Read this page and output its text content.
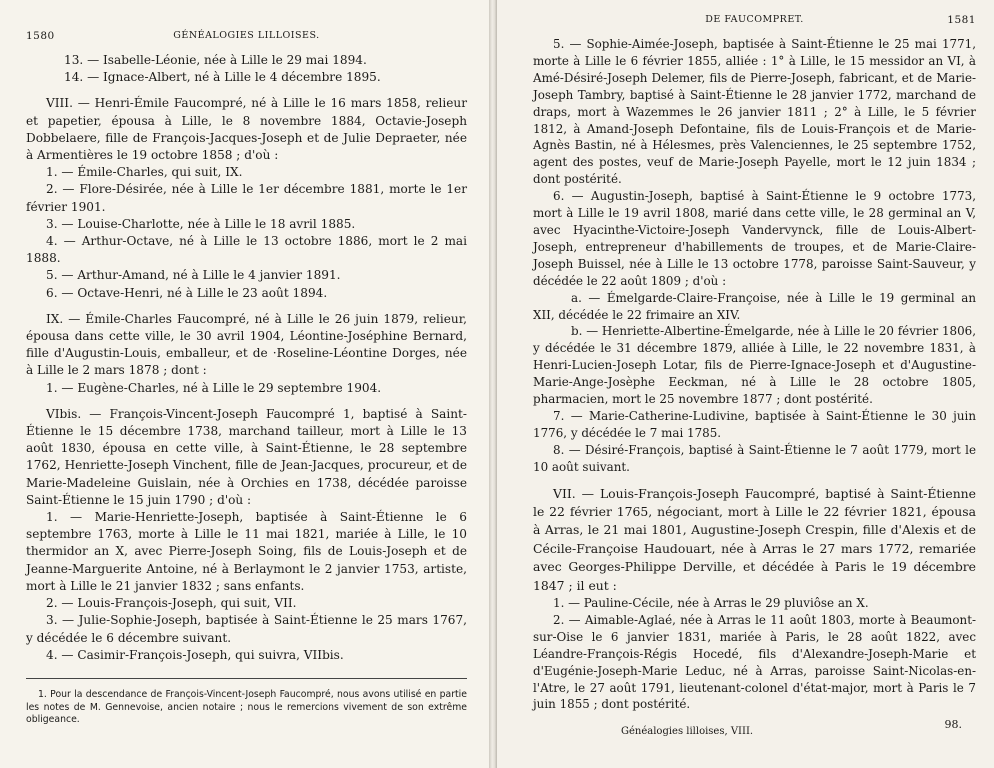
1580	GÉNÉALOGIES LILLOISES.

13. — Isabelle-Léonie, née à Lille le 29 mai 1894.

14. — Ignace-Albert, né à Lille le 4 décembre 1895.

VIII. — Henri-Émile Faucompré, né à Lille le 16 mars 1858, relieur et papetier, épousa à Lille, le 8 novembre 1884, Octavie-Joseph Dobbelaere, fille de François-Jacques-Joseph et de Julie Depraeter, née à Armentières le 19 octobre 1858 ; d'où :

1. — Émile-Charles, qui suit, IX.

2. — Flore-Désirée, née à Lille le 1er décembre 1881, morte le 1er février 1901.

3. — Louise-Charlotte, née à Lille le 18 avril 1885.

4. — Arthur-Octave, né à Lille le 13 octobre 1886, mort le 2 mai 1888.

5. — Arthur-Amand, né à Lille le 4 janvier 1891.

6. — Octave-Henri, né à Lille le 23 août 1894.

IX. — Émile-Charles Faucompré, né à Lille le 26 juin 1879, relieur, épousa dans cette ville, le 30 avril 1904, Léontine-Joséphine Bernard, fille d'Augustin-Louis, emballeur, et de ·Roseline-Léontine Dorges, née à Lille le 2 mars 1878 ; dont :

1. — Eugène-Charles, né à Lille le 29 septembre 1904.

VIbis. — François-Vincent-Joseph Faucompré 1, baptisé à Saint-Étienne le 15 décembre 1738, marchand tailleur, mort à Lille le 13 août 1830, épousa en cette ville, à Saint-Étienne, le 28 septembre 1762, Henriette-Joseph Vinchent, fille de Jean-Jacques, procureur, et de Marie-Madeleine Guislain, née à Orchies en 1738, décédée paroisse Saint-Étienne le 15 juin 1790 ; d'où :

1. — Marie-Henriette-Joseph, baptisée à Saint-Étienne le 6 septembre 1763, morte à Lille le 11 mai 1821, mariée à Lille, le 10 thermidor an X, avec Pierre-Joseph Soing, fils de Louis-Joseph et de Jeanne-Marguerite Antoine, né à Berlaymont le 2 janvier 1753, artiste, mort à Lille le 21 janvier 1832 ; sans enfants.

2. — Louis-François-Joseph, qui suit, VII.

3. — Julie-Sophie-Joseph, baptisée à Saint-Étienne le 25 mars 1767, y décédée le 6 décembre suivant.

4. — Casimir-François-Joseph, qui suivra, VIIbis.

1. Pour la descendance de François-Vincent-Joseph Faucompré, nous avons utilisé en partie les notes de M. Gennevoise, ancien notaire ; nous le remercions vivement de son extrême obligeance.

DE FAUCOMPRET.	1581

5. — Sophie-Aimée-Joseph, baptisée à Saint-Étienne le 25 mai 1771, morte à Lille le 6 février 1855, alliée : 1° à Lille, le 15 messidor an VI, à Amé-Désiré-Joseph Delemer, fils de Pierre-Joseph, fabricant, et de Marie-Joseph Tambry, baptisé à Saint-Étienne le 28 janvier 1772, marchand de draps, mort à Wazemmes le 26 janvier 1811 ; 2° à Lille, le 5 février 1812, à Amand-Joseph Defontaine, fils de Louis-François et de Marie-Agnès Bastin, né à Hélesmes, près Valenciennes, le 25 septembre 1752, agent des postes, veuf de Marie-Joseph Payelle, mort le 12 juin 1834 ; dont postérité.

6. — Augustin-Joseph, baptisé à Saint-Étienne le 9 octobre 1773, mort à Lille le 19 avril 1808, marié dans cette ville, le 28 germinal an V, avec Hyacinthe-Victoire-Joseph Vandervynck, fille de Louis-Albert-Joseph, entrepreneur d'habillements de troupes, et de Marie-Claire-Joseph Buissel, née à Lille le 13 octobre 1778, paroisse Saint-Sauveur, y décédée le 22 août 1809 ; d'où :

a. — Émelgarde-Claire-Françoise, née à Lille le 19 germinal an XII, décédée le 22 frimaire an XIV.

b. — Henriette-Albertine-Émelgarde, née à Lille le 20 février 1806, y décédée le 31 décembre 1879, alliée à Lille, le 22 novembre 1831, à Henri-Lucien-Joseph Lotar, fils de Pierre-Ignace-Joseph et d'Augustine-Marie-Ange-Josèphe Eeckman, né à Lille le 28 octobre 1805, pharmacien, mort le 25 novembre 1877 ; dont postérité.

7. — Marie-Catherine-Ludivine, baptisée à Saint-Étienne le 30 juin 1776, y décédée le 7 mai 1785.

8. — Désiré-François, baptisé à Saint-Étienne le 7 août 1779, mort le 10 août suivant.

VII. — Louis-François-Joseph Faucompré, baptisé à Saint-Étienne le 22 février 1765, négociant, mort à Lille le 22 février 1821, épousa à Arras, le 21 mai 1801, Augustine-Joseph Crespin, fille d'Alexis et de Cécile-Françoise Haudouart, née à Arras le 27 mars 1772, remariée avec Georges-Philippe Derville, et décédée à Paris le 19 décembre 1847 ; il eut :

1. — Pauline-Cécile, née à Arras le 29 pluviôse an X.

2. — Aimable-Aglaé, née à Arras le 11 août 1803, morte à Beaumont-sur-Oise le 6 janvier 1831, mariée à Paris, le 28 août 1822, avec Léandre-François-Régis Hocedé, fils d'Alexandre-Joseph-Marie et d'Eugénie-Joseph-Marie Leduc, né à Arras, paroisse Saint-Nicolas-en-l'Atre, le 27 août 1791, lieutenant-colonel d'état-major, mort à Paris le 7 juin 1855 ; dont postérité.

Généalogies lilloises, VIII.
98.
